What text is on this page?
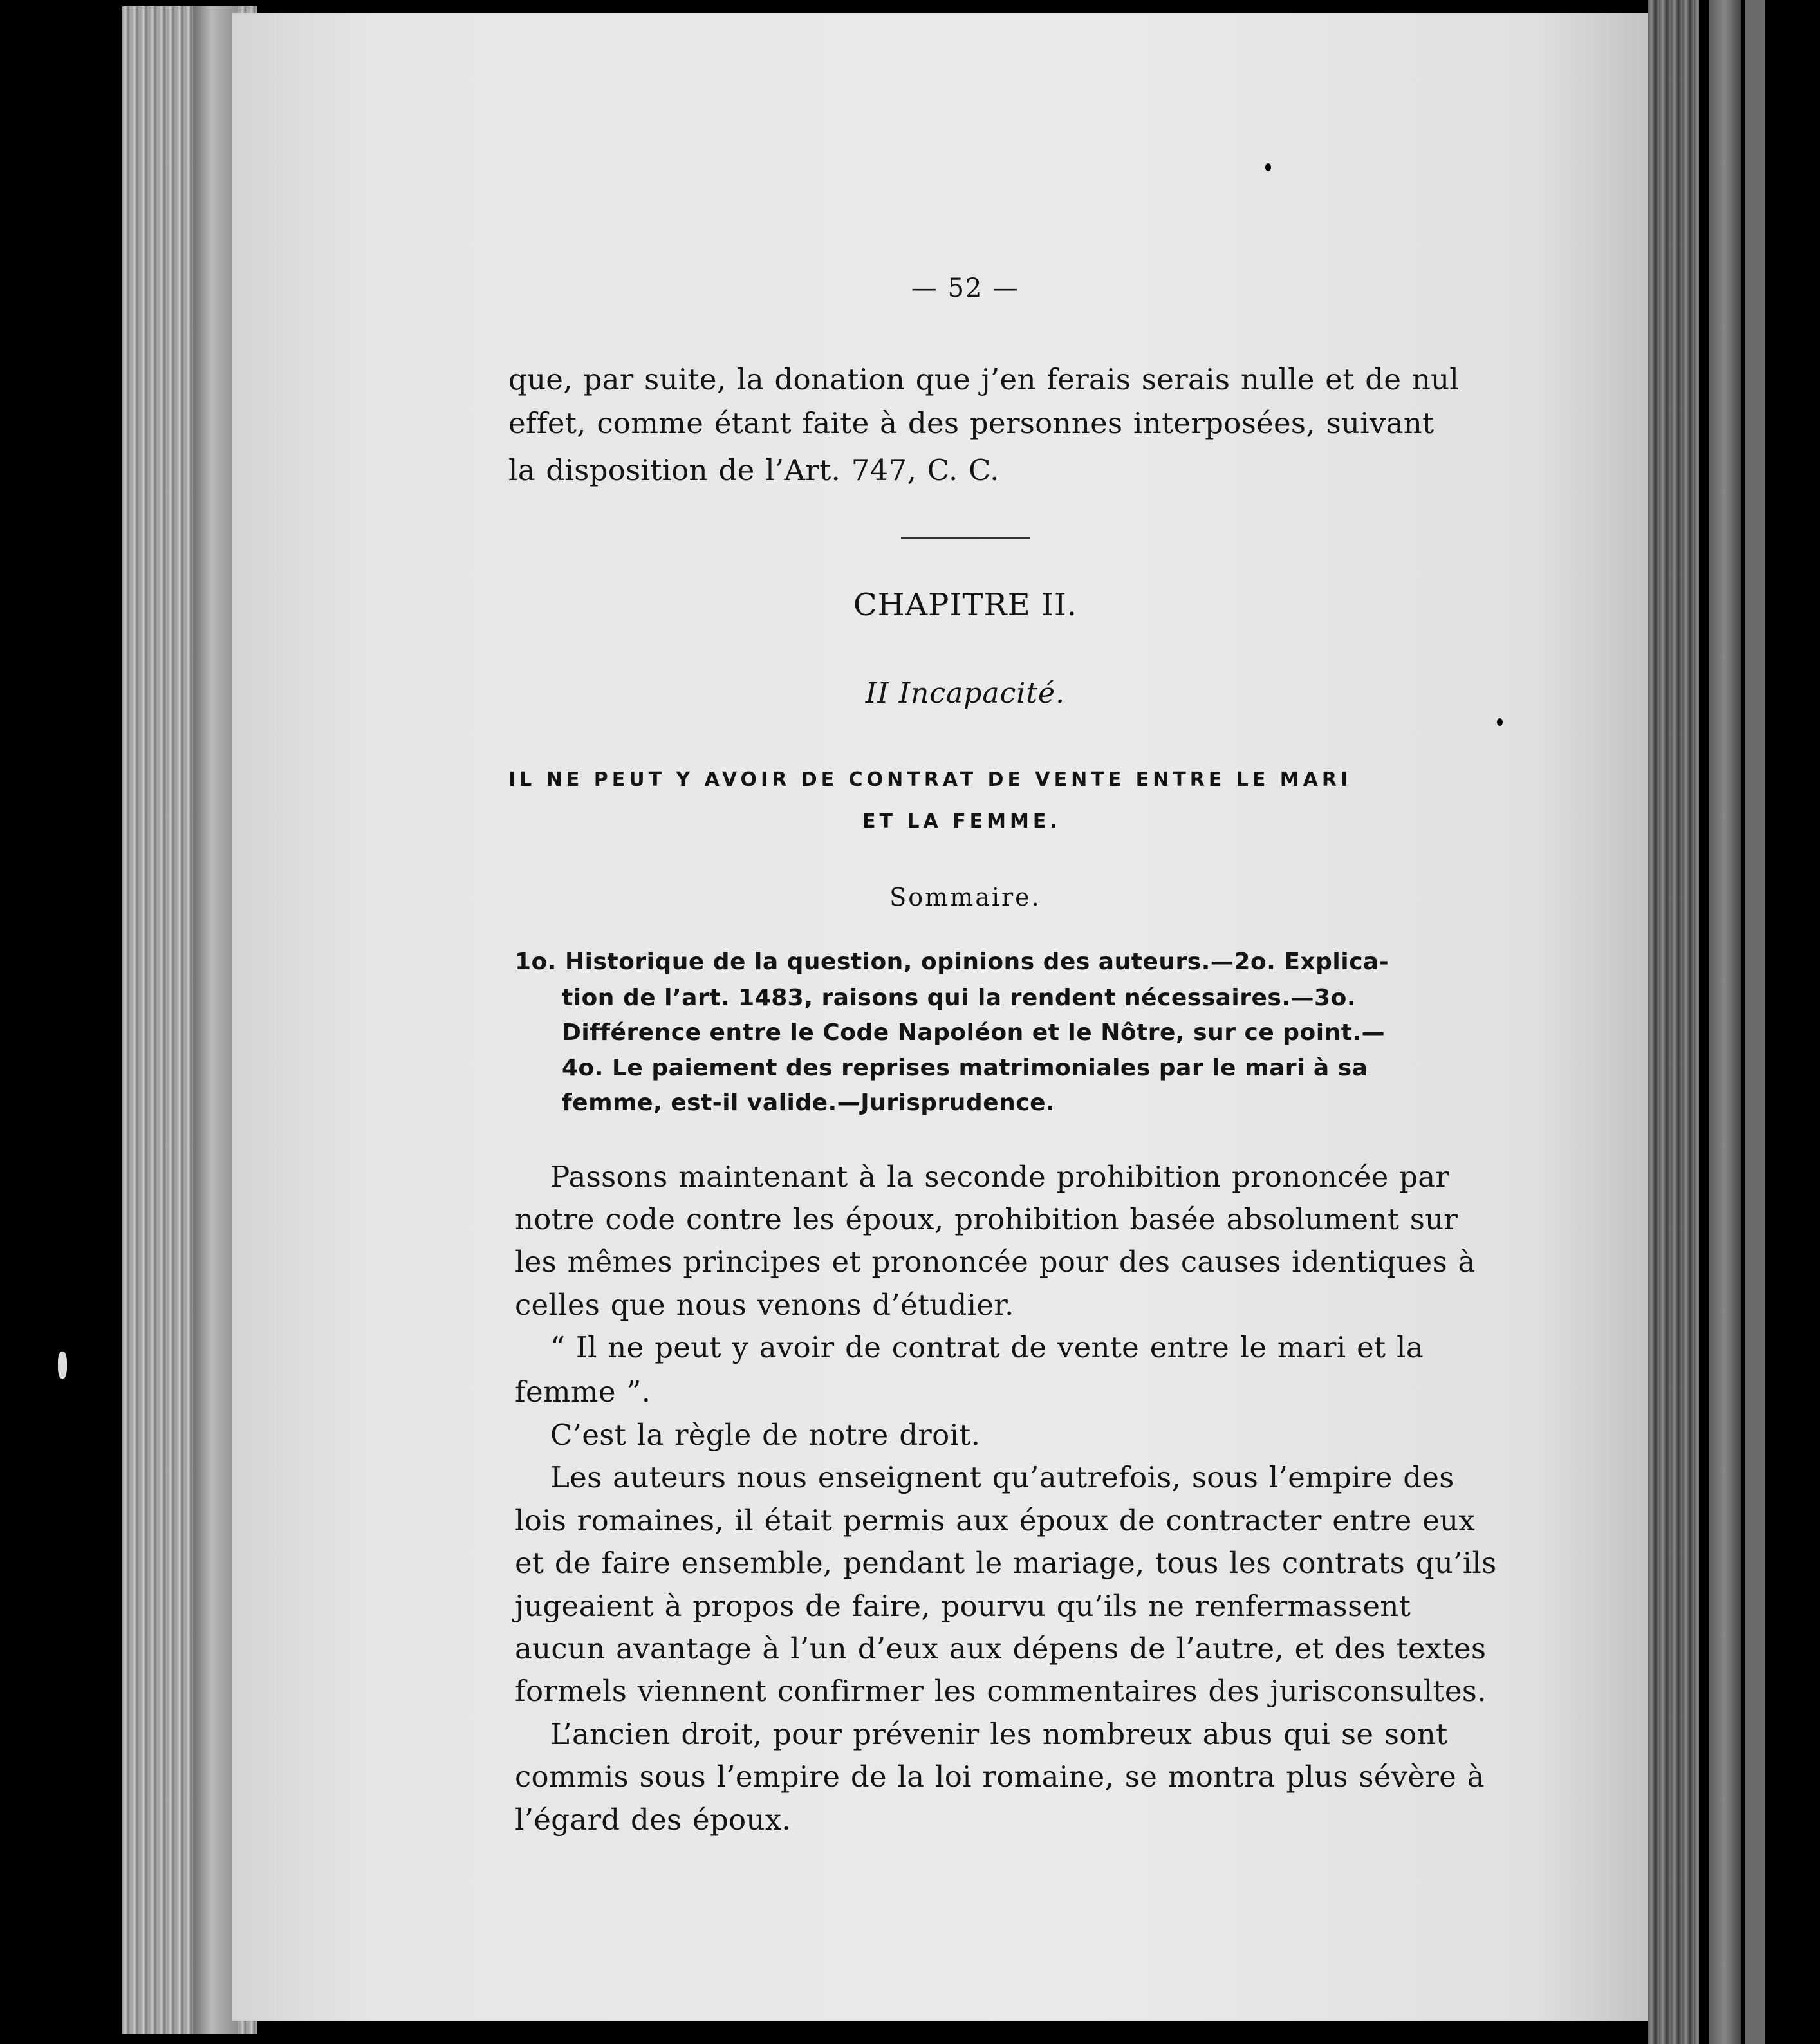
— 52 —
que, par suite, la donation que j’en ferais serais nulle et de nul
effet, comme étant faite à des personnes interposées, suivant
la disposition de l’Art. 747, C. C.
CHAPITRE II.
II Incapacité.
IL NE PEUT Y AVOIR DE CONTRAT DE VENTE ENTRE LE MARI
ET LA FEMME.
Sommaire.
1o. Historique de la question, opinions des auteurs.—2o. Explica-
tion de l’art. 1483, raisons qui la rendent nécessaires.—3o.
Différence entre le Code Napoléon et le Nôtre, sur ce point.—
4o. Le paiement des reprises matrimoniales par le mari à sa
femme, est-il valide.—Jurisprudence.
Passons maintenant à la seconde prohibition prononcée par
notre code contre les époux, prohibition basée absolument sur
les mêmes principes et prononcée pour des causes identiques à
celles que nous venons d’étudier.
“ Il ne peut y avoir de contrat de vente entre le mari et la
femme ”.
C’est la règle de notre droit.
Les auteurs nous enseignent qu’autrefois, sous l’empire des
lois romaines, il était permis aux époux de contracter entre eux
et de faire ensemble, pendant le mariage, tous les contrats qu’ils
jugeaient à propos de faire, pourvu qu’ils ne renfermassent
aucun avantage à l’un d’eux aux dépens de l’autre, et des textes
formels viennent confirmer les commentaires des jurisconsultes.
L’ancien droit, pour prévenir les nombreux abus qui se sont
commis sous l’empire de la loi romaine, se montra plus sévère à
l’égard des époux.
